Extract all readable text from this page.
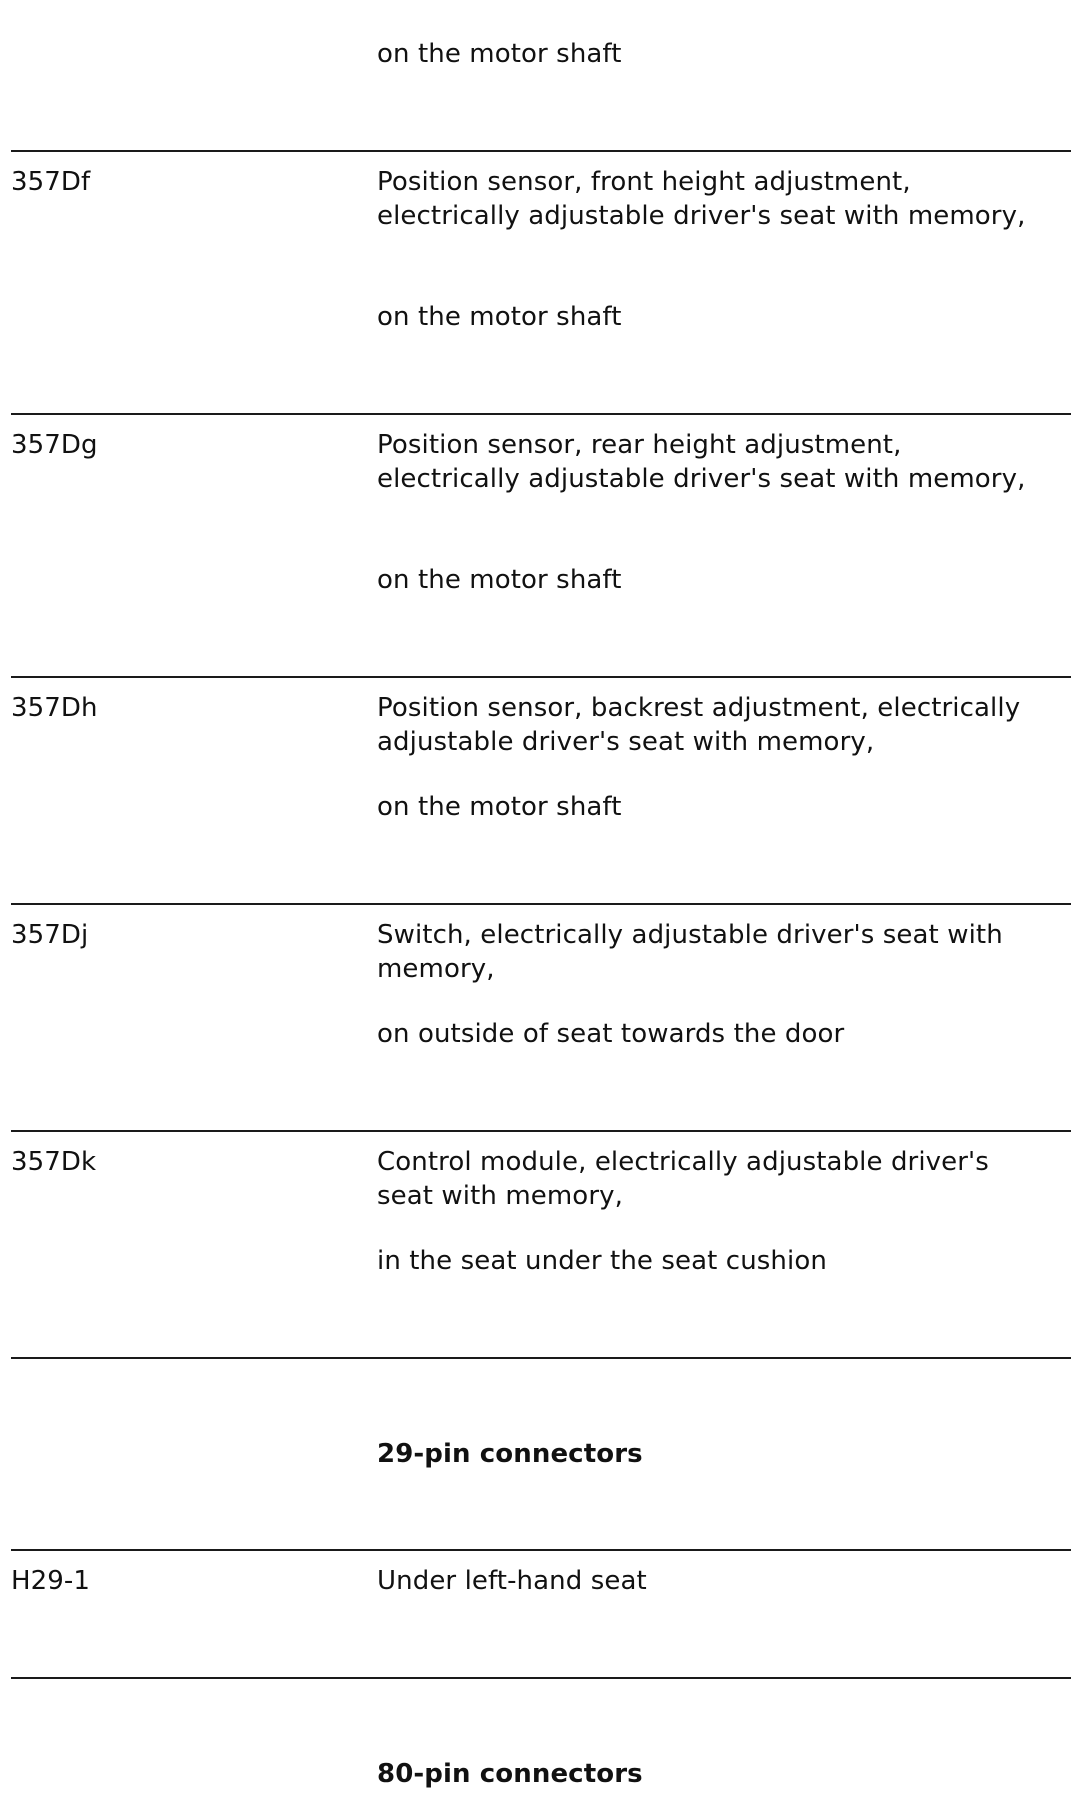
on the motor shaft
357Df	Position sensor, front height adjustment,
electrically adjustable driver's seat with memory,
on the motor shaft
357Dg	Position sensor, rear height adjustment,
electrically adjustable driver's seat with memory,
on the motor shaft
357Dh	Position sensor, backrest adjustment, electrically
adjustable driver's seat with memory,
on the motor shaft
357Dj	Switch, electrically adjustable driver's seat with
memory,
on outside of seat towards the door
357Dk	Control module, electrically adjustable driver's
seat with memory,
in the seat under the seat cushion
29-pin connectors
H29-1	Under left-hand seat
80-pin connectors
